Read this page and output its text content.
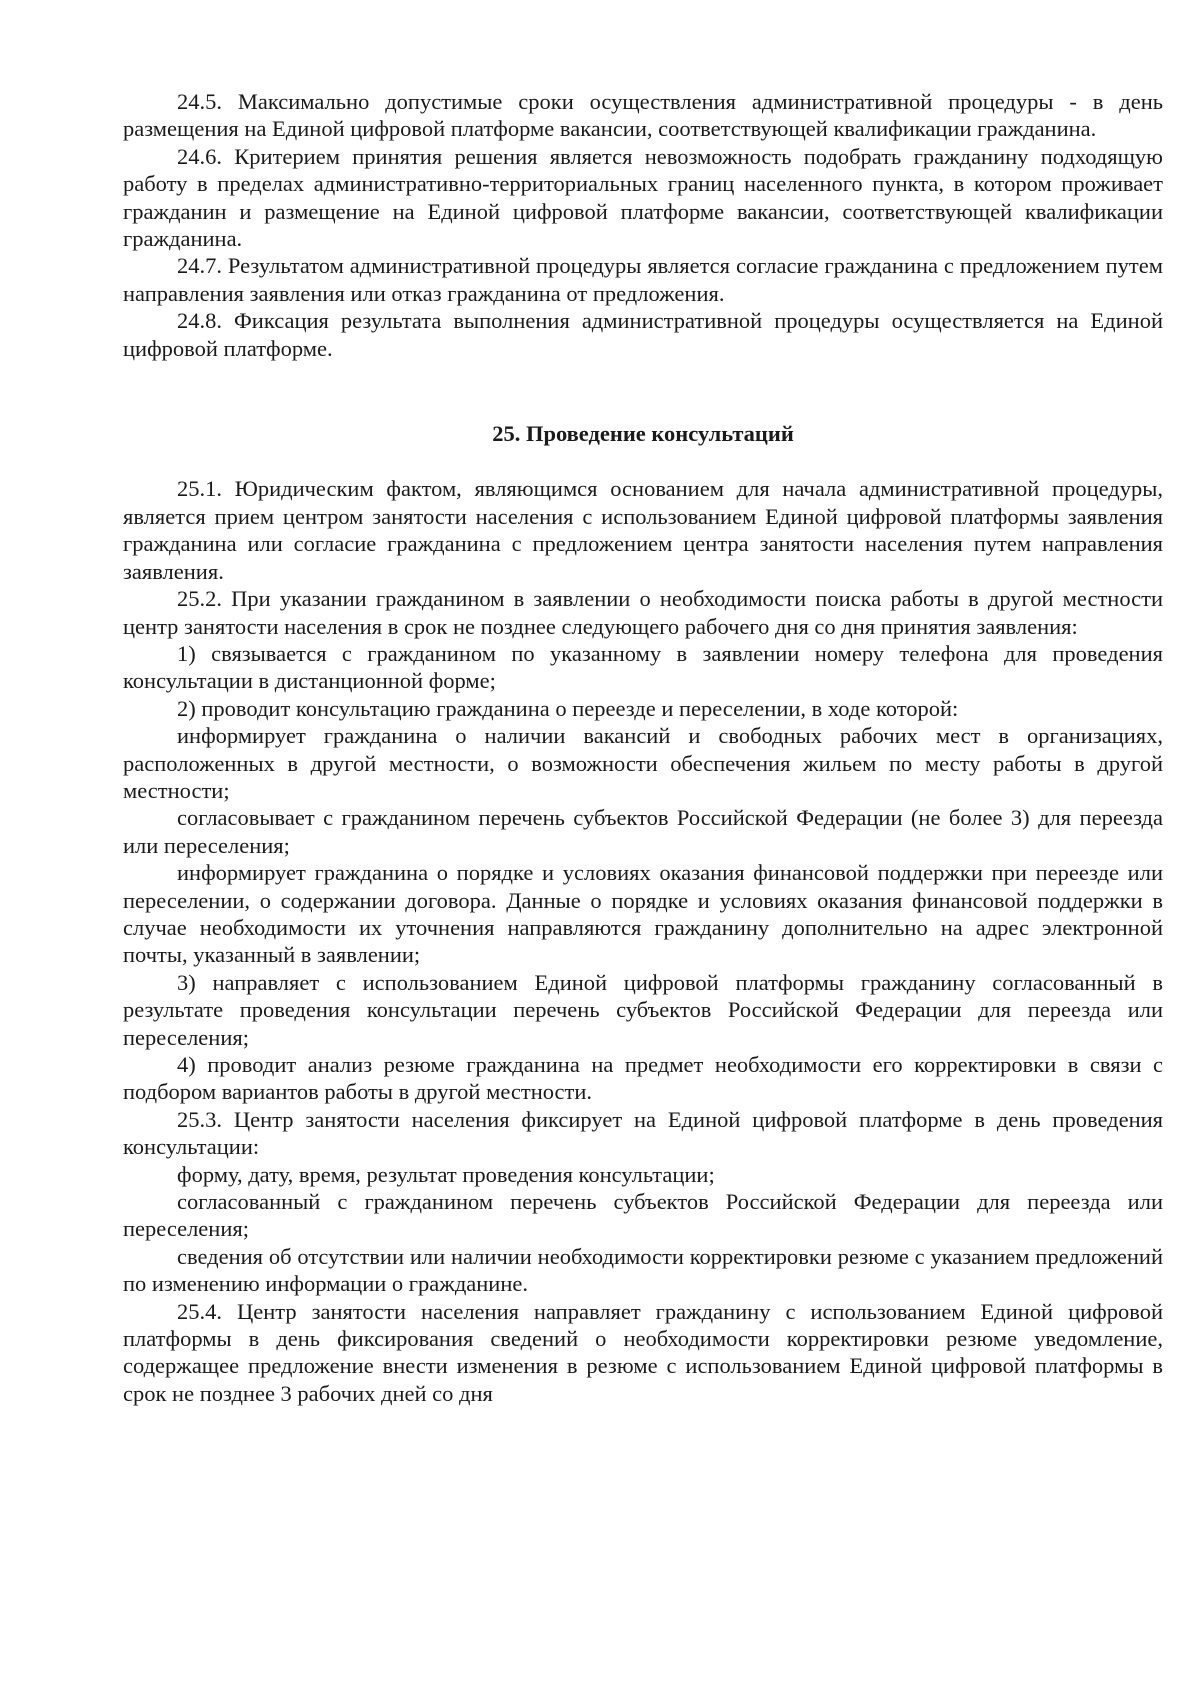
24.5. Максимально допустимые сроки осуществления административной процедуры - в день размещения на Единой цифровой платформе вакансии, соответствующей квалификации гражданина.

24.6. Критерием принятия решения является невозможность подобрать гражданину подходящую работу в пределах административно-территориальных границ населенного пункта, в котором проживает гражданин и размещение на Единой цифровой платформе вакансии, соответствующей квалификации гражданина.

24.7. Результатом административной процедуры является согласие гражданина с предложением путем направления заявления или отказ гражданина от предложения.

24.8. Фиксация результата выполнения административной процедуры осуществляется на Единой цифровой платформе.

25. Проведение консультаций

25.1. Юридическим фактом, являющимся основанием для начала административной процедуры, является прием центром занятости населения с использованием Единой цифровой платформы заявления гражданина или согласие гражданина с предложением центра занятости населения путем направления заявления.

25.2. При указании гражданином в заявлении о необходимости поиска работы в другой местности центр занятости населения в срок не позднее следующего рабочего дня со дня принятия заявления:

1) связывается с гражданином по указанному в заявлении номеру телефона для проведения консультации в дистанционной форме;

2) проводит консультацию гражданина о переезде и переселении, в ходе которой:

информирует гражданина о наличии вакансий и свободных рабочих мест в организациях, расположенных в другой местности, о возможности обеспечения жильем по месту работы в другой местности;

согласовывает с гражданином перечень субъектов Российской Федерации (не более 3) для переезда или переселения;

информирует гражданина о порядке и условиях оказания финансовой поддержки при переезде или переселении, о содержании договора. Данные о порядке и условиях оказания финансовой поддержки в случае необходимости их уточнения направляются гражданину дополнительно на адрес электронной почты, указанный в заявлении;

3) направляет с использованием Единой цифровой платформы гражданину согласованный в результате проведения консультации перечень субъектов Российской Федерации для переезда или переселения;

4) проводит анализ резюме гражданина на предмет необходимости его корректировки в связи с подбором вариантов работы в другой местности.

25.3. Центр занятости населения фиксирует на Единой цифровой платформе в день проведения консультации:

форму, дату, время, результат проведения консультации;

согласованный с гражданином перечень субъектов Российской Федерации для переезда или переселения;

сведения об отсутствии или наличии необходимости корректировки резюме с указанием предложений по изменению информации о гражданине.

25.4. Центр занятости населения направляет гражданину с использованием Единой цифровой платформы в день фиксирования сведений о необходимости корректировки резюме уведомление, содержащее предложение внести изменения в резюме с использованием Единой цифровой платформы в срок не позднее 3 рабочих дней со дня
